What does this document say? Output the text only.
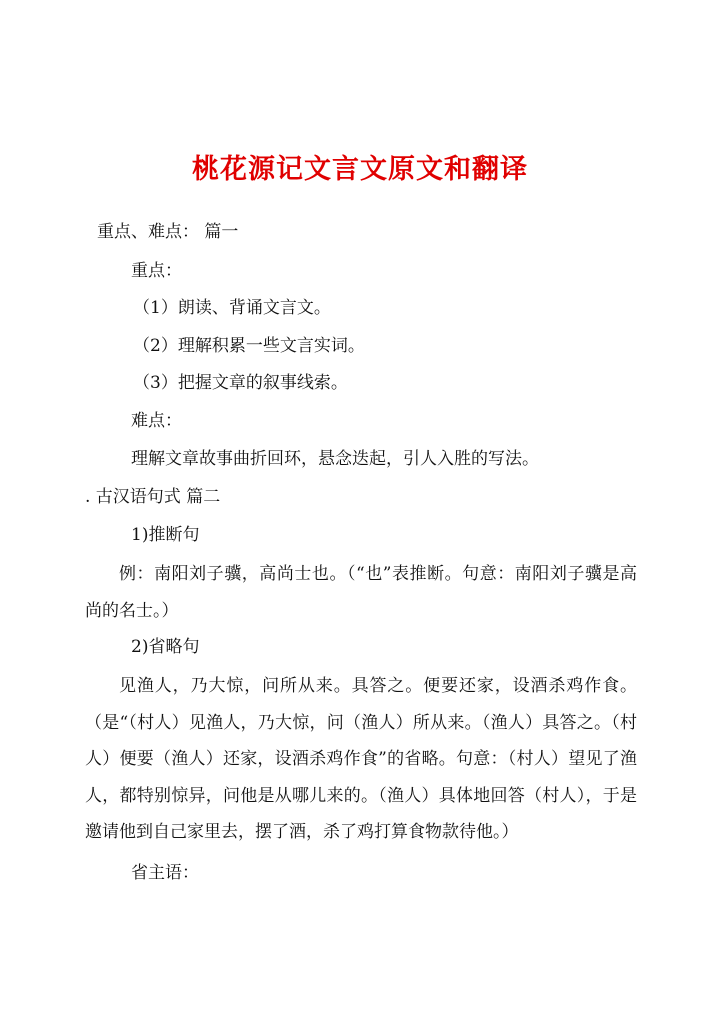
桃花源记文言文原文和翻译
重点、难点： 篇一
重点：
（1）朗读、背诵文言文。
（2）理解积累一些文言实词。
（3）把握文章的叙事线索。
难点：
理解文章故事曲折回环，悬念迭起，引人入胜的写法。
. 古汉语句式 篇二
1)推断句
例：南阳刘子骥，高尚士也。（“也”表推断。句意：南阳刘子骥是高尚的名士。）
2)省略句
见渔人，乃大惊，问所从来。具答之。便要还家，设酒杀鸡作食。（是“（村人）见渔人，乃大惊，问（渔人）所从来。（渔人）具答之。（村人）便要（渔人）还家，设酒杀鸡作食”的省略。句意：（村人）望见了渔人，都特别惊异，问他是从哪儿来的。（渔人）具体地回答（村人），于是邀请他到自己家里去，摆了酒，杀了鸡打算食物款待他。）
省主语：
